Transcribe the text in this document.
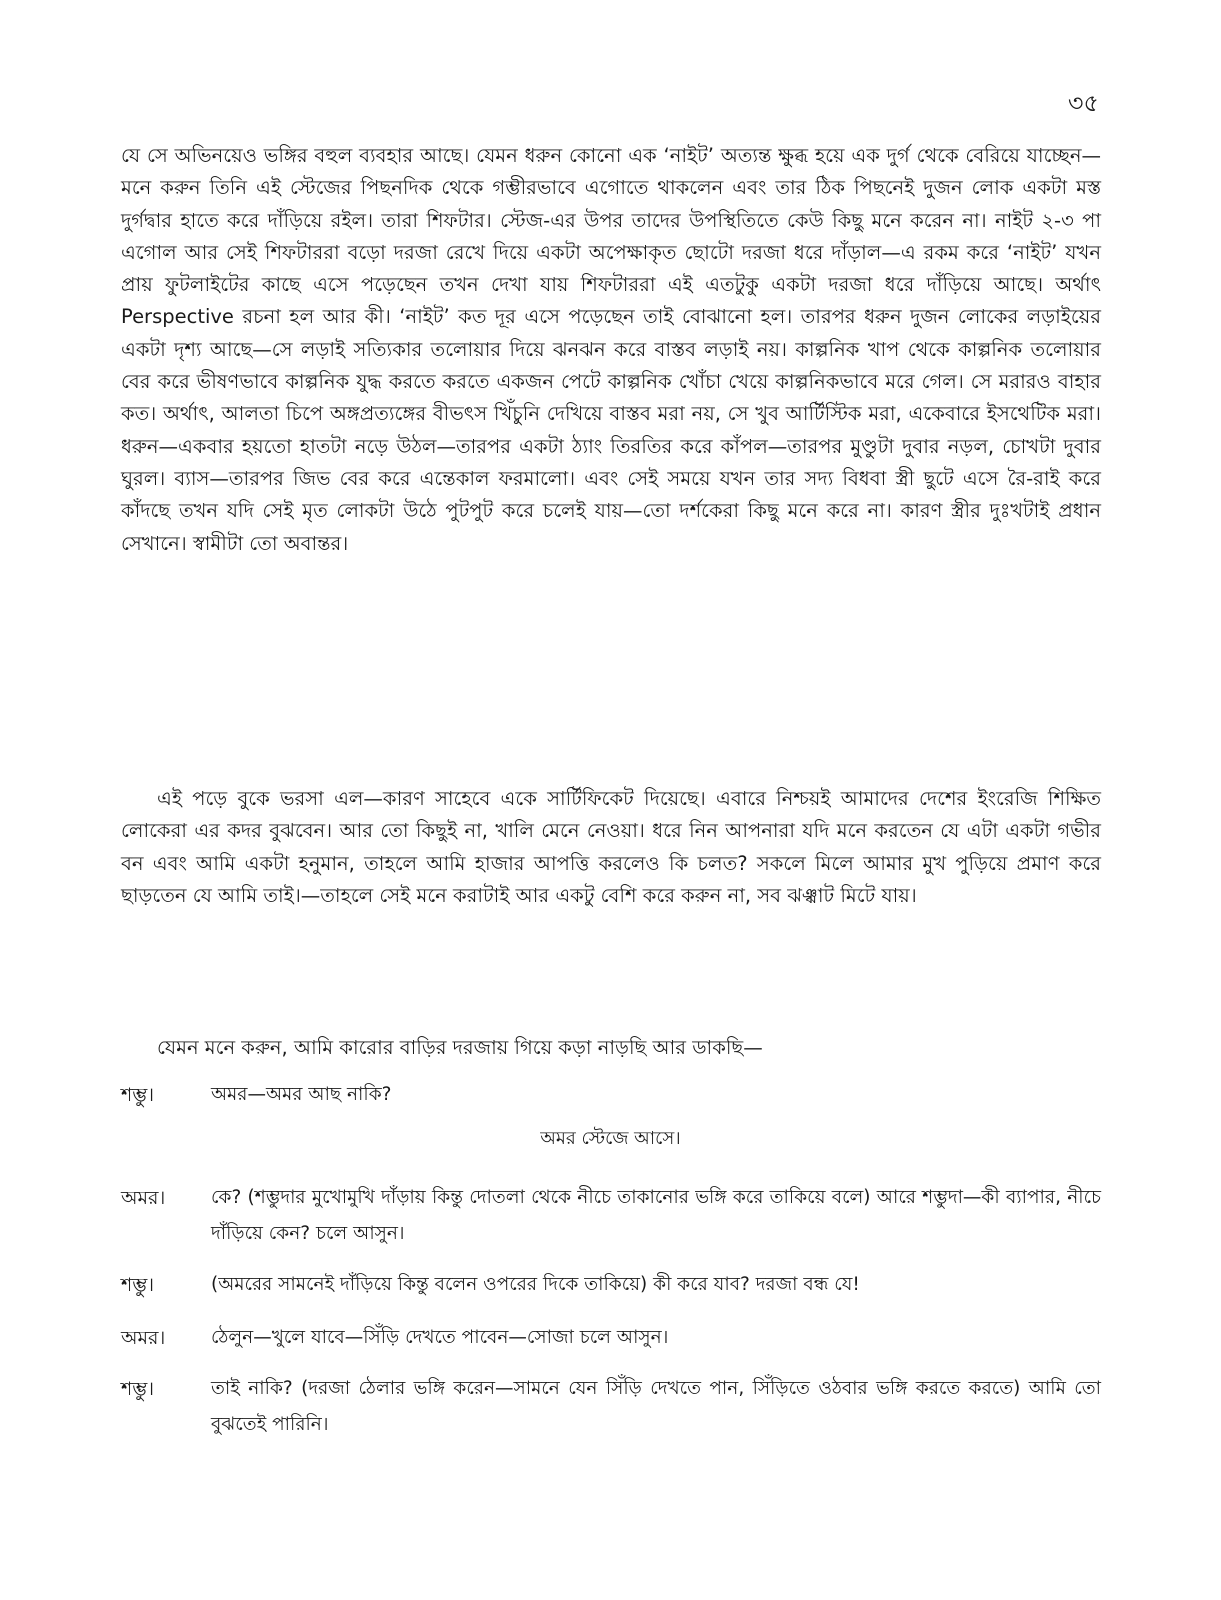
৩৫

যে সে অভিনয়েও ভঙ্গির বহুল ব্যবহার আছে। যেমন ধরুন কোনো এক ‘নাইট’ অত্যন্ত ক্ষুব্ধ হয়ে এক দুর্গ থেকে বেরিয়ে যাচ্ছেন—মনে করুন তিনি এই স্টেজের পিছনদিক থেকে গম্ভীরভাবে এগোতে থাকলেন এবং তার ঠিক পিছনেই দুজন লোক একটা মস্ত দুর্গদ্বার হাতে করে দাঁড়িয়ে রইল। তারা শিফটার। স্টেজ-এর উপর তাদের উপস্থিতিতে কেউ কিছু মনে করেন না। নাইট ২-৩ পা এগোল আর সেই শিফটাররা বড়ো দরজা রেখে দিয়ে একটা অপেক্ষাকৃত ছোটো দরজা ধরে দাঁড়াল—এ রকম করে ‘নাইট’ যখন প্রায় ফুটলাইটের কাছে এসে পড়েছেন তখন দেখা যায় শিফটাররা এই এতটুকু একটা দরজা ধরে দাঁড়িয়ে আছে। অর্থাৎ Perspective রচনা হল আর কী। ‘নাইট’ কত দূর এসে পড়েছেন তাই বোঝানো হল। তারপর ধরুন দুজন লোকের লড়াইয়ের একটা দৃশ্য আছে—সে লড়াই সত্যিকার তলোয়ার দিয়ে ঝনঝন করে বাস্তব লড়াই নয়। কাল্পনিক খাপ থেকে কাল্পনিক তলোয়ার বের করে ভীষণভাবে কাল্পনিক যুদ্ধ করতে করতে একজন পেটে কাল্পনিক খোঁচা খেয়ে কাল্পনিকভাবে মরে গেল। সে মরারও বাহার কত। অর্থাৎ, আলতা চিপে অঙ্গপ্রত্যঙ্গের বীভৎস খিঁচুনি দেখিয়ে বাস্তব মরা নয়, সে খুব আর্টিস্টিক মরা, একেবারে ইসথেটিক মরা। ধরুন—একবার হয়তো হাতটা নড়ে উঠল—তারপর একটা ঠ্যাং তিরতির করে কাঁপল—তারপর মুণ্ডুটা দুবার নড়ল, চোখটা দুবার ঘুরল। ব্যাস—তারপর জিভ বের করে এন্তেকাল ফরমালো। এবং সেই সময়ে যখন তার সদ্য বিধবা স্ত্রী ছুটে এসে রৈ-রাই করে কাঁদছে তখন যদি সেই মৃত লোকটা উঠে পুটপুট করে চলেই যায়—তো দর্শকেরা কিছু মনে করে না। কারণ স্ত্রীর দুঃখটাই প্রধান সেখানে। স্বামীটা তো অবান্তর।

এই পড়ে বুকে ভরসা এল—কারণ সাহেবে একে সার্টিফিকেট দিয়েছে। এবারে নিশ্চয়ই আমাদের দেশের ইংরেজি শিক্ষিত লোকেরা এর কদর বুঝবেন। আর তো কিছুই না, খালি মেনে নেওয়া। ধরে নিন আপনারা যদি মনে করতেন যে এটা একটা গভীর বন এবং আমি একটা হনুমান, তাহলে আমি হাজার আপত্তি করলেও কি চলত? সকলে মিলে আমার মুখ পুড়িয়ে প্রমাণ করে ছাড়তেন যে আমি তাই।—তাহলে সেই মনে করাটাই আর একটু বেশি করে করুন না, সব ঝঞ্ঝাট মিটে যায়।

যেমন মনে করুন, আমি কারোর বাড়ির দরজায় গিয়ে কড়া নাড়ছি আর ডাকছি—

শম্ভু।	অমর—অমর আছ নাকি?
অমর স্টেজে আসে।
অমর।	কে? (শম্ভুদার মুখোমুখি দাঁড়ায় কিন্তু দোতলা থেকে নীচে তাকানোর ভঙ্গি করে তাকিয়ে বলে) আরে শম্ভুদা—কী ব্যাপার, নীচে দাঁড়িয়ে কেন? চলে আসুন।
শম্ভু।	(অমরের সামনেই দাঁড়িয়ে কিন্তু বলেন ওপরের দিকে তাকিয়ে) কী করে যাব? দরজা বন্ধ যে!
অমর।	ঠেলুন—খুলে যাবে—সিঁড়ি দেখতে পাবেন—সোজা চলে আসুন।
শম্ভু।	তাই নাকি? (দরজা ঠেলার ভঙ্গি করেন—সামনে যেন সিঁড়ি দেখতে পান, সিঁড়িতে ওঠবার ভঙ্গি করতে করতে) আমি তো বুঝতেই পারিনি।
